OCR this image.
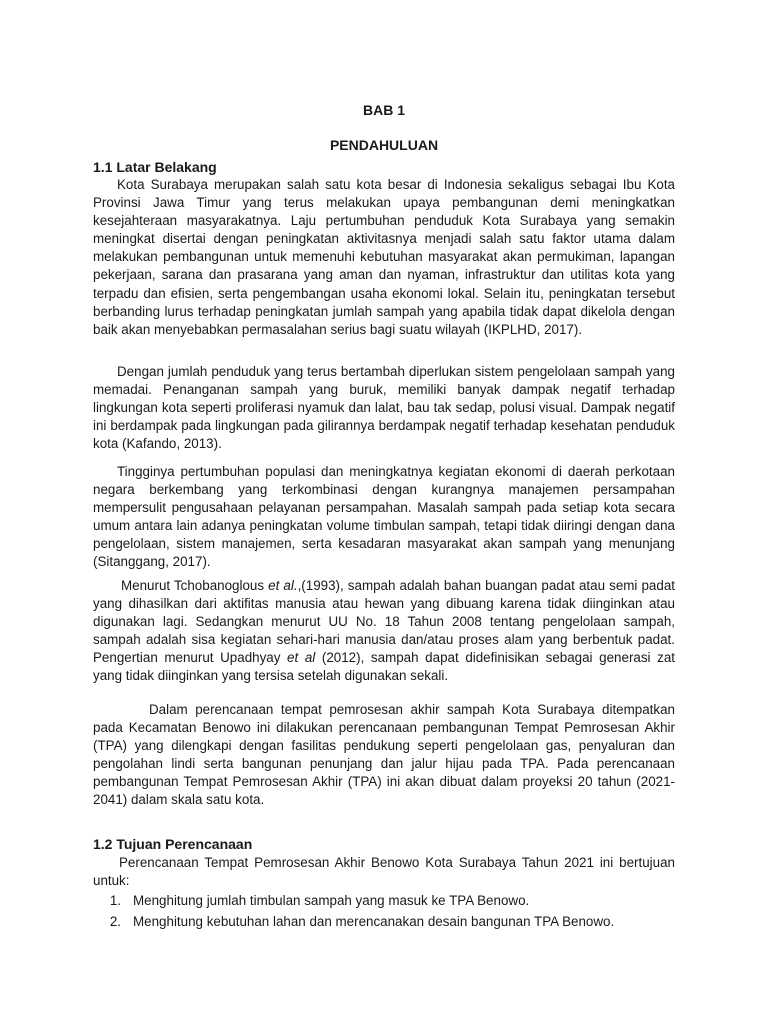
BAB 1
PENDAHULUAN
1.1 Latar Belakang

Kota Surabaya merupakan salah satu kota besar di Indonesia sekaligus sebagai Ibu Kota Provinsi Jawa Timur yang terus melakukan upaya pembangunan demi meningkatkan kesejahteraan masyarakatnya. Laju pertumbuhan penduduk Kota Surabaya yang semakin meningkat disertai dengan peningkatan aktivitasnya menjadi salah satu faktor utama dalam melakukan pembangunan untuk memenuhi kebutuhan masyarakat akan permukiman, lapangan pekerjaan, sarana dan prasarana yang aman dan nyaman, infrastruktur dan utilitas kota yang terpadu dan efisien, serta pengembangan usaha ekonomi lokal. Selain itu, peningkatan tersebut berbanding lurus terhadap peningkatan jumlah sampah yang apabila tidak dapat dikelola dengan baik akan menyebabkan permasalahan serius bagi suatu wilayah (IKPLHD, 2017).

Dengan jumlah penduduk yang terus bertambah diperlukan sistem pengelolaan sampah yang memadai. Penanganan sampah yang buruk, memiliki banyak dampak negatif terhadap lingkungan kota seperti proliferasi nyamuk dan lalat, bau tak sedap, polusi visual. Dampak negatif ini berdampak pada lingkungan pada gilirannya berdampak negatif terhadap kesehatan penduduk kota (Kafando, 2013).

Tingginya pertumbuhan populasi dan meningkatnya kegiatan ekonomi di daerah perkotaan negara berkembang yang terkombinasi dengan kurangnya manajemen persampahan mempersulit pengusahaan pelayanan persampahan. Masalah sampah pada setiap kota secara umum antara lain adanya peningkatan volume timbulan sampah, tetapi tidak diiringi dengan dana pengelolaan, sistem manajemen, serta kesadaran masyarakat akan sampah yang menunjang (Sitanggang, 2017).

Menurut Tchobanoglous et al.,(1993), sampah adalah bahan buangan padat atau semi padat yang dihasilkan dari aktifitas manusia atau hewan yang dibuang karena tidak diinginkan atau digunakan lagi. Sedangkan menurut UU No. 18 Tahun 2008 tentang pengelolaan sampah, sampah adalah sisa kegiatan sehari-hari manusia dan/atau proses alam yang berbentuk padat. Pengertian menurut Upadhyay et al (2012), sampah dapat didefinisikan sebagai generasi zat yang tidak diinginkan yang tersisa setelah digunakan sekali.

Dalam perencanaan tempat pemrosesan akhir sampah Kota Surabaya ditempatkan pada Kecamatan Benowo ini dilakukan perencanaan pembangunan Tempat Pemrosesan Akhir (TPA) yang dilengkapi dengan fasilitas pendukung seperti pengelolaan gas, penyaluran dan pengolahan lindi serta bangunan penunjang dan jalur hijau pada TPA. Pada perencanaan pembangunan Tempat Pemrosesan Akhir (TPA) ini akan dibuat dalam proyeksi 20 tahun (2021-2041) dalam skala satu kota.

1.2 Tujuan Perencanaan

Perencanaan Tempat Pemrosesan Akhir Benowo Kota Surabaya Tahun 2021 ini bertujuan untuk:

1. Menghitung jumlah timbulan sampah yang masuk ke TPA Benowo.
2. Menghitung kebutuhan lahan dan merencanakan desain bangunan TPA Benowo.
